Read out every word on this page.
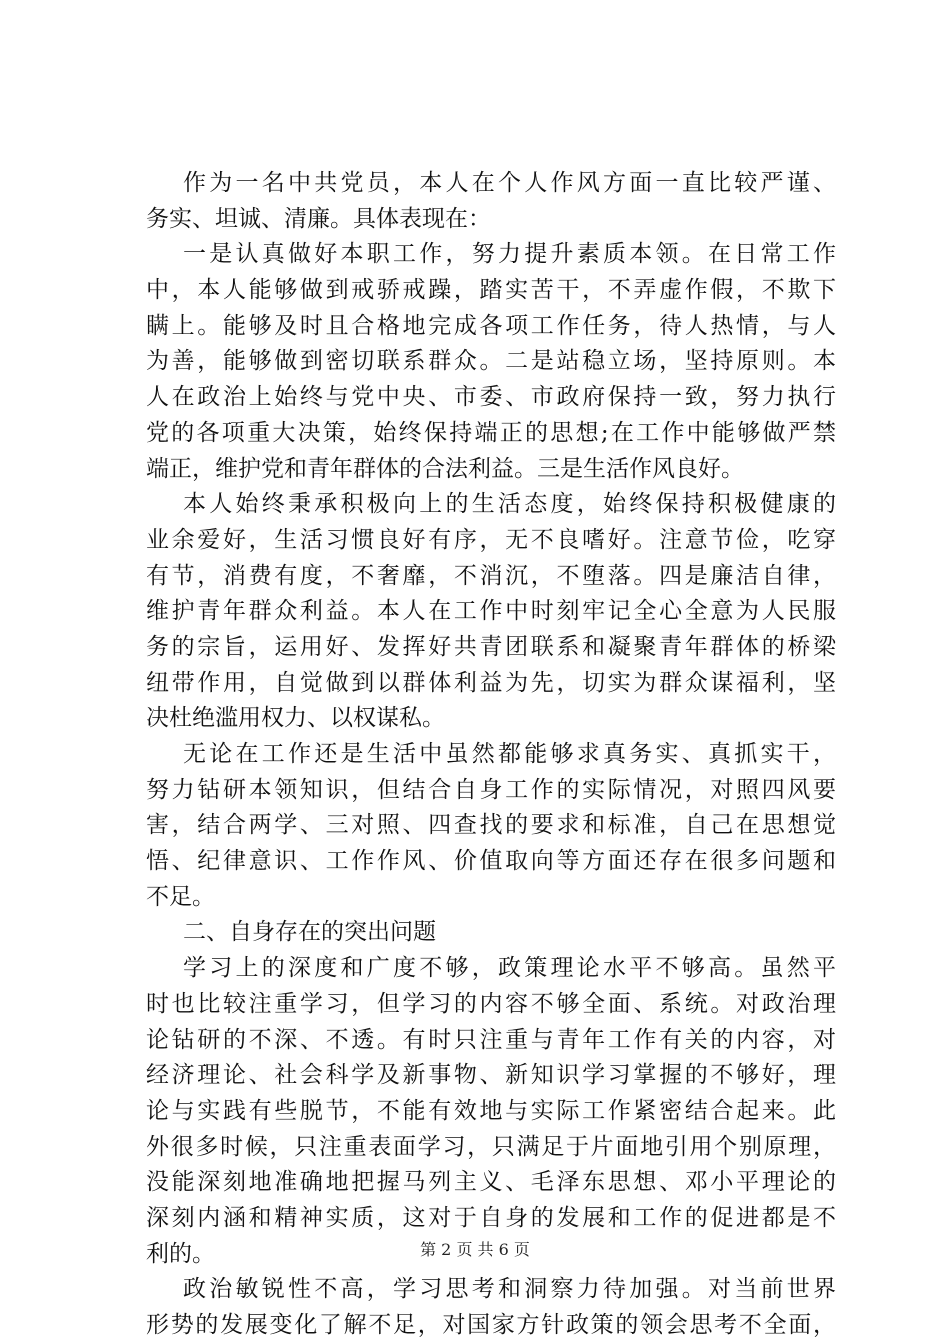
作为一名中共党员，本人在个人作风方面一直比较严谨、
务实、坦诚、清廉。具体表现在：
一是认真做好本职工作，努力提升素质本领。在日常工作
中，本人能够做到戒骄戒躁，踏实苦干，不弄虚作假，不欺下
瞒上。能够及时且合格地完成各项工作任务，待人热情，与人
为善，能够做到密切联系群众。二是站稳立场，坚持原则。本
人在政治上始终与党中央、市委、市政府保持一致，努力执行
党的各项重大决策，始终保持端正的思想;在工作中能够做严禁
端正，维护党和青年群体的合法利益。三是生活作风良好。
本人始终秉承积极向上的生活态度，始终保持积极健康的
业余爱好，生活习惯良好有序，无不良嗜好。注意节俭，吃穿
有节，消费有度，不奢靡，不消沉，不堕落。四是廉洁自律，
维护青年群众利益。本人在工作中时刻牢记全心全意为人民服
务的宗旨，运用好、发挥好共青团联系和凝聚青年群体的桥梁
纽带作用，自觉做到以群体利益为先，切实为群众谋福利，坚
决杜绝滥用权力、以权谋私。
无论在工作还是生活中虽然都能够求真务实、真抓实干，
努力钻研本领知识，但结合自身工作的实际情况，对照四风要
害，结合两学、三对照、四查找的要求和标准，自己在思想觉
悟、纪律意识、工作作风、价值取向等方面还存在很多问题和
不足。
二、自身存在的突出问题
学习上的深度和广度不够，政策理论水平不够高。虽然平
时也比较注重学习，但学习的内容不够全面、系统。对政治理
论钻研的不深、不透。有时只注重与青年工作有关的内容，对
经济理论、社会科学及新事物、新知识学习掌握的不够好，理
论与实践有些脱节，不能有效地与实际工作紧密结合起来。此
外很多时候，只注重表面学习，只满足于片面地引用个别原理，
没能深刻地准确地把握马列主义、毛泽东思想、邓小平理论的
深刻内涵和精神实质，这对于自身的发展和工作的促进都是不
利的。
政治敏锐性不高，学习思考和洞察力待加强。对当前世界
形势的发展变化了解不足，对国家方针政策的领会思考不全面，
第 2 页 共 6 页
